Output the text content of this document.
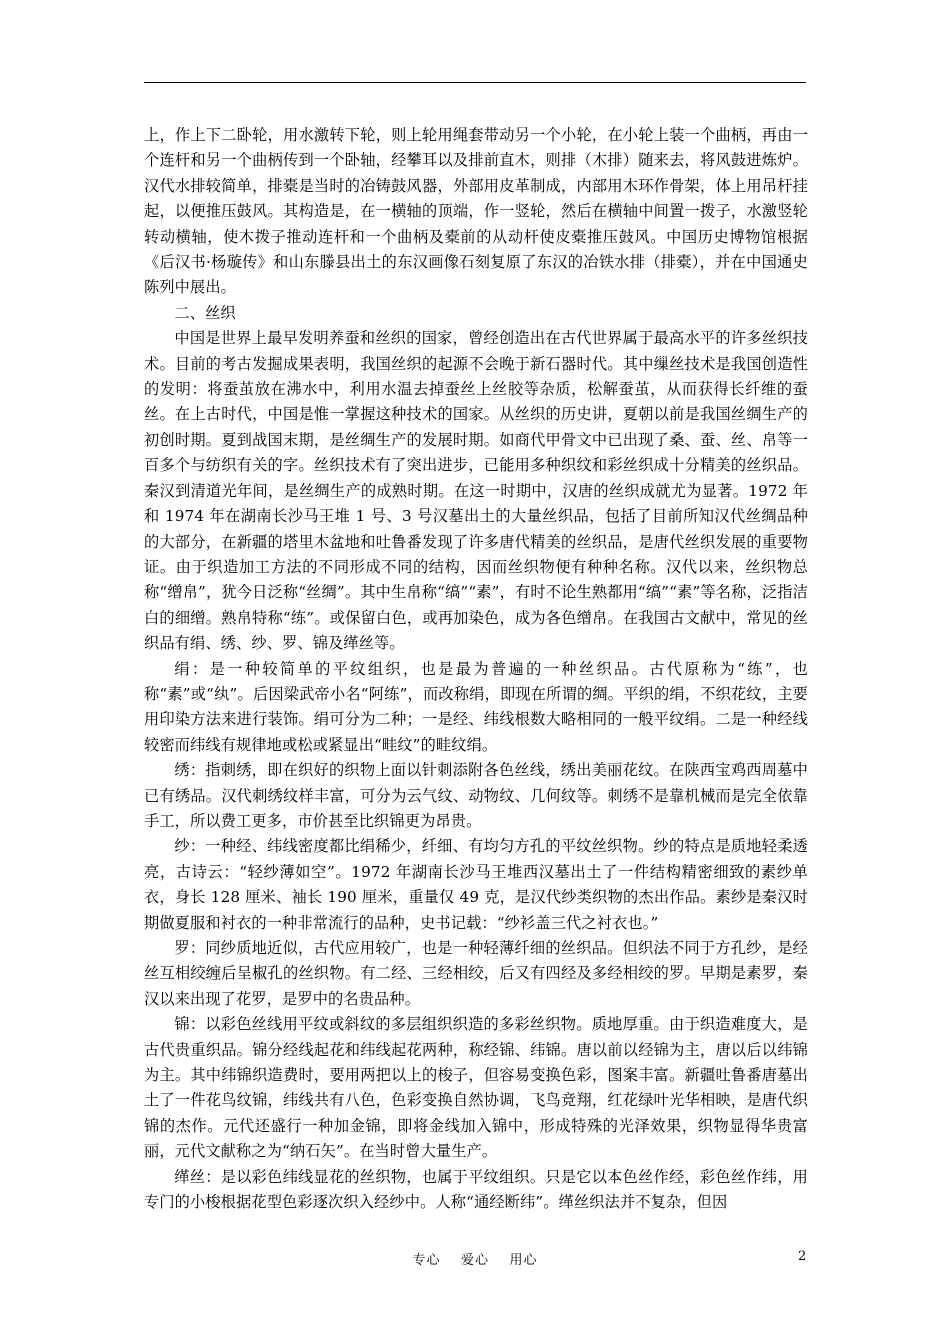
上，作上下二卧轮，用水激转下轮，则上轮用绳套带动另一个小轮，在小轮上装一个曲柄，再由一个连杆和另一个曲柄传到一个卧轴，经攀耳以及排前直木，则排（木排）随来去，将风鼓进炼炉。汉代水排较简单，排橐是当时的冶铸鼓风器，外部用皮革制成，内部用木环作骨架，体上用吊杆挂起，以便推压鼓风。其构造是，在一横轴的顶端，作一竖轮，然后在横轴中间置一拨子，水激竖轮转动横轴，使木拨子推动连杆和一个曲柄及橐前的从动杆使皮橐推压鼓风。中国历史博物馆根据《后汉书·杨璇传》和山东滕县出土的东汉画像石刻复原了东汉的冶铁水排（排橐），并在中国通史陈列中展出。

二、丝织

中国是世界上最早发明养蚕和丝织的国家，曾经创造出在古代世界属于最高水平的许多丝织技术。目前的考古发掘成果表明，我国丝织的起源不会晚于新石器时代。其中缫丝技术是我国创造性的发明：将蚕茧放在沸水中，利用水温去掉蚕丝上丝胶等杂质，松解蚕茧，从而获得长纤维的蚕丝。在上古时代，中国是惟一掌握这种技术的国家。从丝织的历史讲，夏朝以前是我国丝绸生产的初创时期。夏到战国末期，是丝绸生产的发展时期。如商代甲骨文中已出现了桑、蚕、丝、帛等一百多个与纺织有关的字。丝织技术有了突出进步，已能用多种织纹和彩丝织成十分精美的丝织品。秦汉到清道光年间，是丝绸生产的成熟时期。在这一时期中，汉唐的丝织成就尤为显著。1972 年和 1974 年在湖南长沙马王堆 1 号、3 号汉墓出土的大量丝织品，包括了目前所知汉代丝绸品种的大部分，在新疆的塔里木盆地和吐鲁番发现了许多唐代精美的丝织品，是唐代丝织发展的重要物证。由于织造加工方法的不同形成不同的结构，因而丝织物便有种种名称。汉代以来，丝织物总称“缯帛”，犹今日泛称“丝绸”。其中生帛称“缟”“素”，有时不论生熟都用“缟”“素”等名称，泛指洁白的细缯。熟帛特称“练”。或保留白色，或再加染色，成为各色缯帛。在我国古文献中，常见的丝织品有绢、绣、纱、罗、锦及缂丝等。

绢：是一种较简单的平纹组织，也是最为普遍的一种丝织品。古代原称为“练”，也称“素”或“纨”。后因梁武帝小名“阿练”，而改称绢，即现在所谓的绸。平织的绢，不织花纹，主要用印染方法来进行装饰。绢可分为二种；一是经、纬线根数大略相同的一般平纹绢。二是一种经线较密而纬线有规律地或松或紧显出“畦纹”的畦纹绢。

绣：指刺绣，即在织好的织物上面以针刺添附各色丝线，绣出美丽花纹。在陕西宝鸡西周墓中已有绣品。汉代刺绣纹样丰富，可分为云气纹、动物纹、几何纹等。刺绣不是靠机械而是完全依靠手工，所以费工更多，市价甚至比织锦更为昂贵。

纱：一种经、纬线密度都比绢稀少，纤细、有均匀方孔的平纹丝织物。纱的特点是质地轻柔透亮，古诗云：“轻纱薄如空”。1972 年湖南长沙马王堆西汉墓出土了一件结构精密细致的素纱单衣，身长 128 厘米、袖长 190 厘米，重量仅 49 克，是汉代纱类织物的杰出作品。素纱是秦汉时期做夏服和衬衣的一种非常流行的品种，史书记载：“纱衫盖三代之衬衣也。”

罗：同纱质地近似，古代应用较广，也是一种轻薄纤细的丝织品。但织法不同于方孔纱，是经丝互相绞缠后呈椒孔的丝织物。有二经、三经相绞，后又有四经及多经相绞的罗。早期是素罗，秦汉以来出现了花罗，是罗中的名贵品种。

锦：以彩色丝线用平纹或斜纹的多层组织织造的多彩丝织物。质地厚重。由于织造难度大，是古代贵重织品。锦分经线起花和纬线起花两种，称经锦、纬锦。唐以前以经锦为主，唐以后以纬锦为主。其中纬锦织造费时，要用两把以上的梭子，但容易变换色彩，图案丰富。新疆吐鲁番唐墓出土了一件花鸟纹锦，纬线共有八色，色彩变换自然协调，飞鸟竞翔，红花绿叶光华相映，是唐代织锦的杰作。元代还盛行一种加金锦，即将金线加入锦中，形成特殊的光泽效果，织物显得华贵富丽，元代文献称之为“纳石矢”。在当时曾大量生产。

缂丝：是以彩色纬线显花的丝织物，也属于平纹组织。只是它以本色丝作经，彩色丝作纬，用专门的小梭根据花型色彩逐次织入经纱中。人称“通经断纬”。缂丝织法并不复杂，但因

专心    爱心    用心	2
